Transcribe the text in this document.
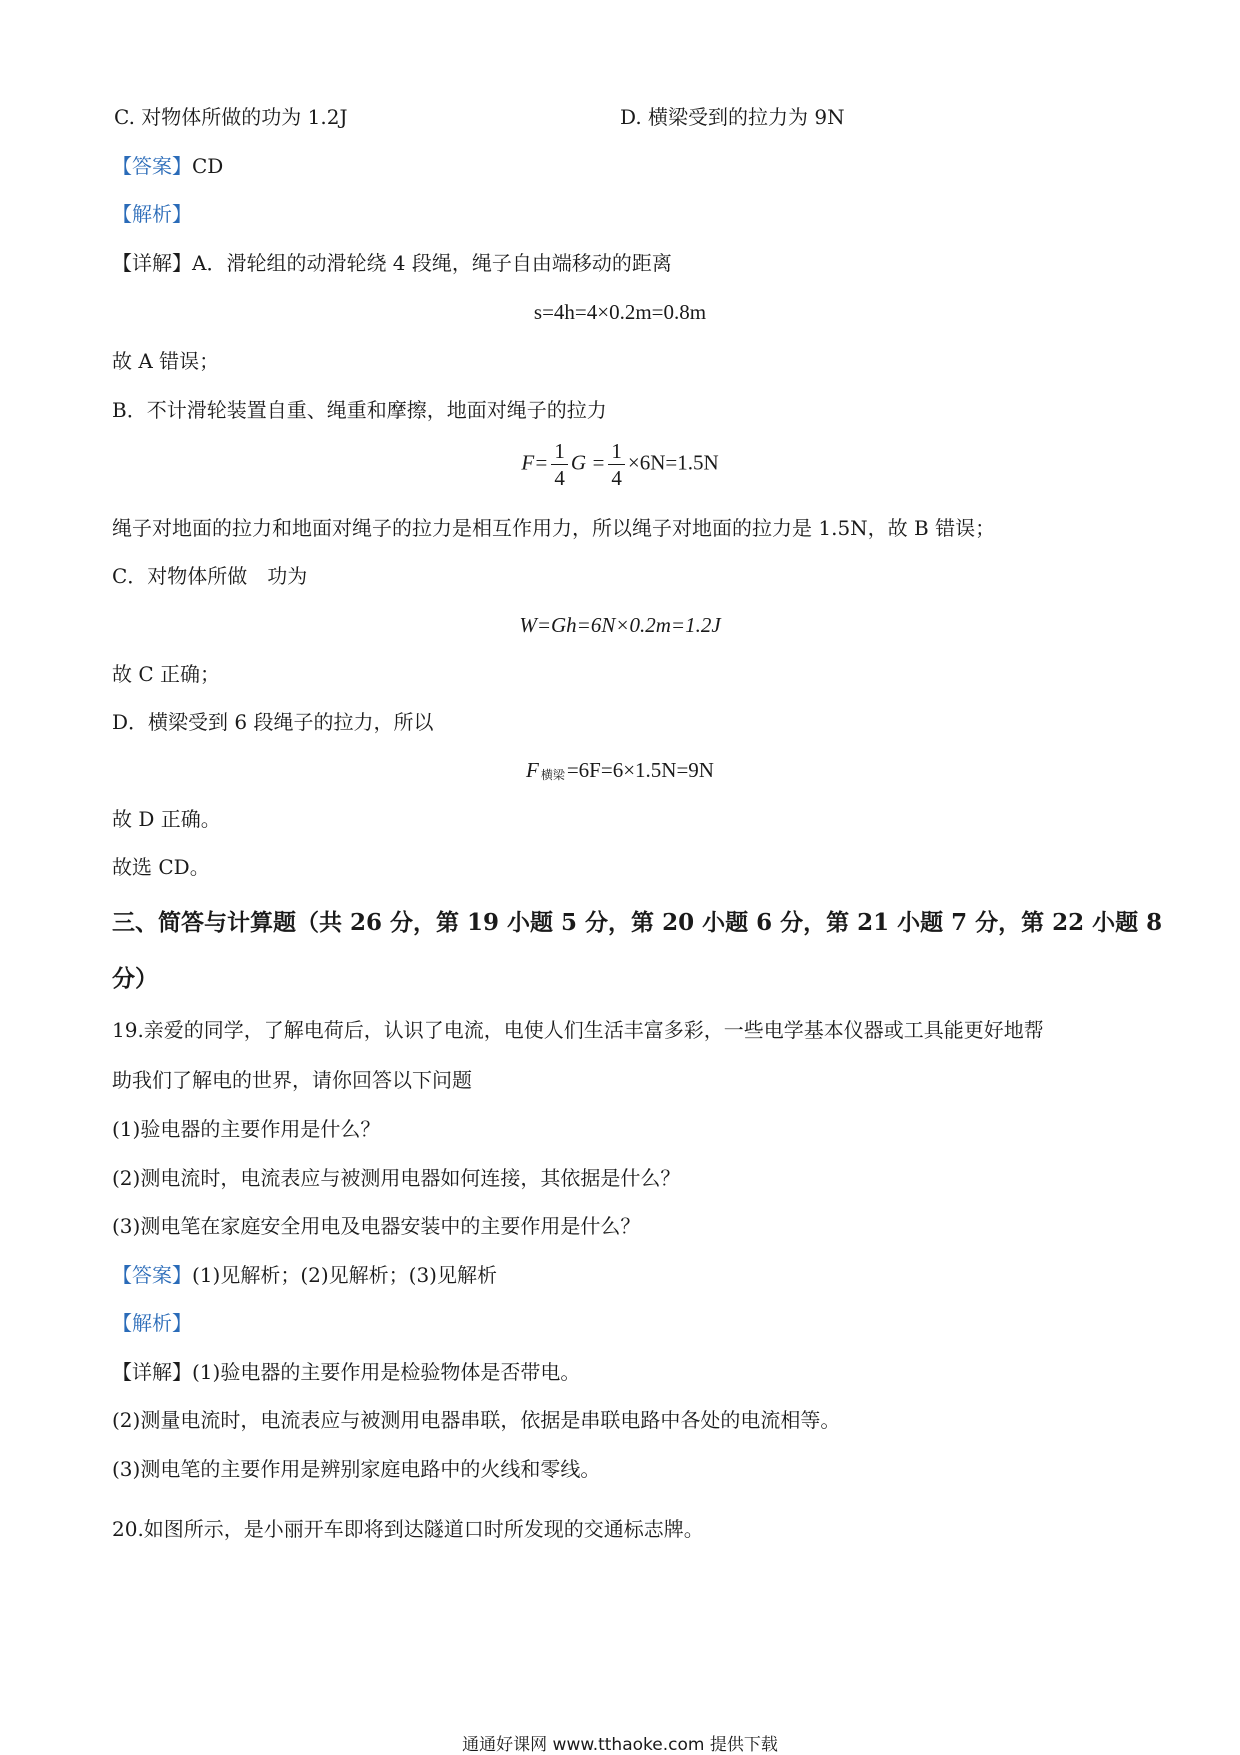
C. 对物体所做的功为 1.2J	D. 横梁受到的拉力为 9N
【答案】CD
【解析】
【详解】A．滑轮组的动滑轮绕 4 段绳，绳子自由端移动的距离
s=4h=4×0.2m=0.8m
故 A 错误；
B．不计滑轮装置自重、绳重和摩擦，地面对绳子的拉力
$F= \frac{1}{4}$ $G = \frac{1}{4} \times 6N=1.5N$
绳子对地面的拉力和地面对绳子的拉力是相互作用力，所以绳子对地面的拉力是 1.5N，故 B 错误；
C．对物体所做　功为
W=Gh=6N×0.2m=1.2J
故 C 正确；
D．横梁受到 6 段绳子的拉力，所以
F横梁=6F=6×1.5N=9N
故 D 正确。
故选 CD。
三、简答与计算题（共 26 分，第 19 小题 5 分，第 20 小题 6 分，第 21 小题 7 分，第 22 小题 8
分）
19.亲爱的同学，了解电荷后，认识了电流，电使人们生活丰富多彩，一些电学基本仪器或工具能更好地帮
助我们了解电的世界，请你回答以下问题
(1)验电器的主要作用是什么？
(2)测电流时，电流表应与被测用电器如何连接，其依据是什么？
(3)测电笔在家庭安全用电及电器安装中的主要作用是什么？
【答案】(1)见解析；(2)见解析；(3)见解析
【解析】
【详解】(1)验电器的主要作用是检验物体是否带电。
(2)测量电流时，电流表应与被测用电器串联，依据是串联电路中各处的电流相等。
(3)测电笔的主要作用是辨别家庭电路中的火线和零线。
20.如图所示，是小丽开车即将到达隧道口时所发现的交通标志牌。
通通好课网 www.tthaoke.com 提供下载
